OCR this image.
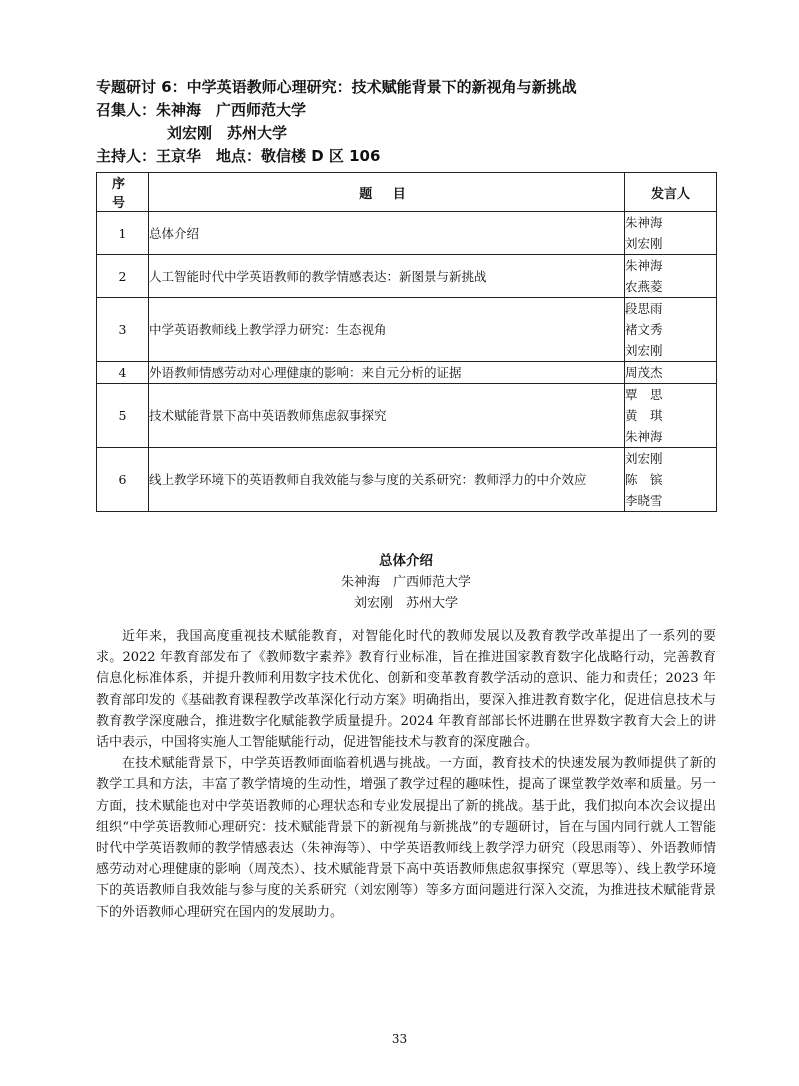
专题研讨 6：中学英语教师心理研究：技术赋能背景下的新视角与新挑战
召集人：朱神海　广西师范大学
刘宏刚　苏州大学
主持人：王京华　地点：敬信楼 D 区 106
序 号	题 目	发言人
1	总体介绍	朱神海
刘宏刚

2	人工智能时代中学英语教师的教学情感表达：新图景与新挑战	朱神海
农燕菱

3	中学英语教师线上教学浮力研究：生态视角	段思雨
褚文秀
刘宏刚

4	外语教师情感劳动对心理健康的影响：来自元分析的证据	周茂杰

5	技术赋能背景下高中英语教师焦虑叙事探究	覃　思
黄　琪
朱神海

6	线上教学环境下的英语教师自我效能与参与度的关系研究：教师浮力的中介效应	刘宏刚
陈　镔
李晓雪
总体介绍
朱神海　广西师范大学
刘宏刚　苏州大学

近年来，我国高度重视技术赋能教育，对智能化时代的教师发展以及教育教学改革提出了一系列的要求。2022 年教育部发布了《教师数字素养》教育行业标准，旨在推进国家教育数字化战略行动，完善教育信息化标准体系，并提升教师利用数字技术优化、创新和变革教育教学活动的意识、能力和责任；2023 年教育部印发的《基础教育课程教学改革深化行动方案》明确指出，要深入推进教育数字化，促进信息技术与教育教学深度融合，推进数字化赋能教学质量提升。2024 年教育部部长怀进鹏在世界数字教育大会上的讲话中表示，中国将实施人工智能赋能行动，促进智能技术与教育的深度融合。

在技术赋能背景下，中学英语教师面临着机遇与挑战。一方面，教育技术的快速发展为教师提供了新的教学工具和方法，丰富了教学情境的生动性，增强了教学过程的趣味性，提高了课堂教学效率和质量。另一方面，技术赋能也对中学英语教师的心理状态和专业发展提出了新的挑战。基于此，我们拟向本次会议提出组织“中学英语教师心理研究：技术赋能背景下的新视角与新挑战”的专题研讨，旨在与国内同行就人工智能时代中学英语教师的教学情感表达（朱神海等）、中学英语教师线上教学浮力研究（段思雨等）、外语教师情感劳动对心理健康的影响（周茂杰）、技术赋能背景下高中英语教师焦虑叙事探究（覃思等）、线上教学环境下的英语教师自我效能与参与度的关系研究（刘宏刚等）等多方面问题进行深入交流，为推进技术赋能背景下的外语教师心理研究在国内的发展助力。

33
